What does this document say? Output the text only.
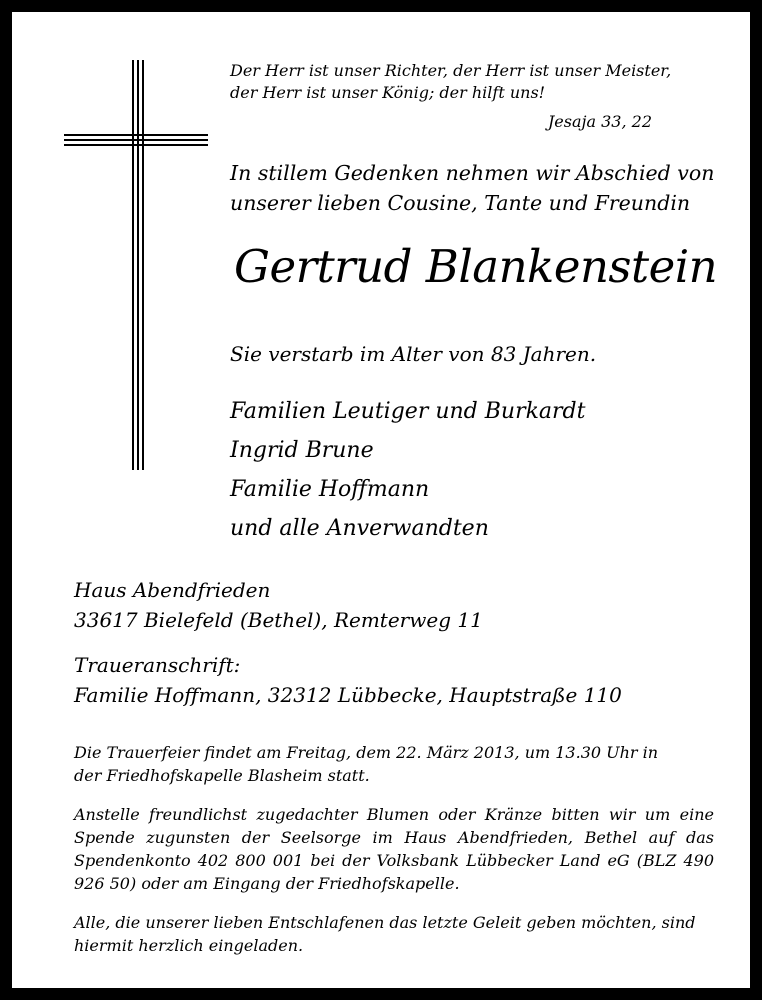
Der Herr ist unser Richter, der Herr ist unser Meister,
der Herr ist unser König; der hilft uns!
Jesaja 33, 22
In stillem Gedenken nehmen wir Abschied von
unserer lieben Cousine, Tante und Freundin
Gertrud Blankenstein
Sie verstarb im Alter von 83 Jahren.
Familien Leutiger und Burkardt
Ingrid Brune
Familie Hoffmann
und alle Anverwandten
Haus Abendfrieden
33617 Bielefeld (Bethel), Remterweg 11
Traueranschrift:
Familie Hoffmann, 32312 Lübbecke, Hauptstraße 110
Die Trauerfeier findet am Freitag, dem 22. März 2013, um 13.30 Uhr in
der Friedhofskapelle Blasheim statt.

Anstelle freundlichst zugedachter Blumen oder Kränze bitten wir um eine Spende zugunsten der Seelsorge im Haus Abendfrieden, Bethel auf das Spendenkonto 402 800 001 bei der Volksbank Lübbecker Land eG (BLZ 490 926 50) oder am Eingang der Friedhofskapelle.

Alle, die unserer lieben Entschlafenen das letzte Geleit geben möchten, sind
hiermit herzlich eingeladen.
